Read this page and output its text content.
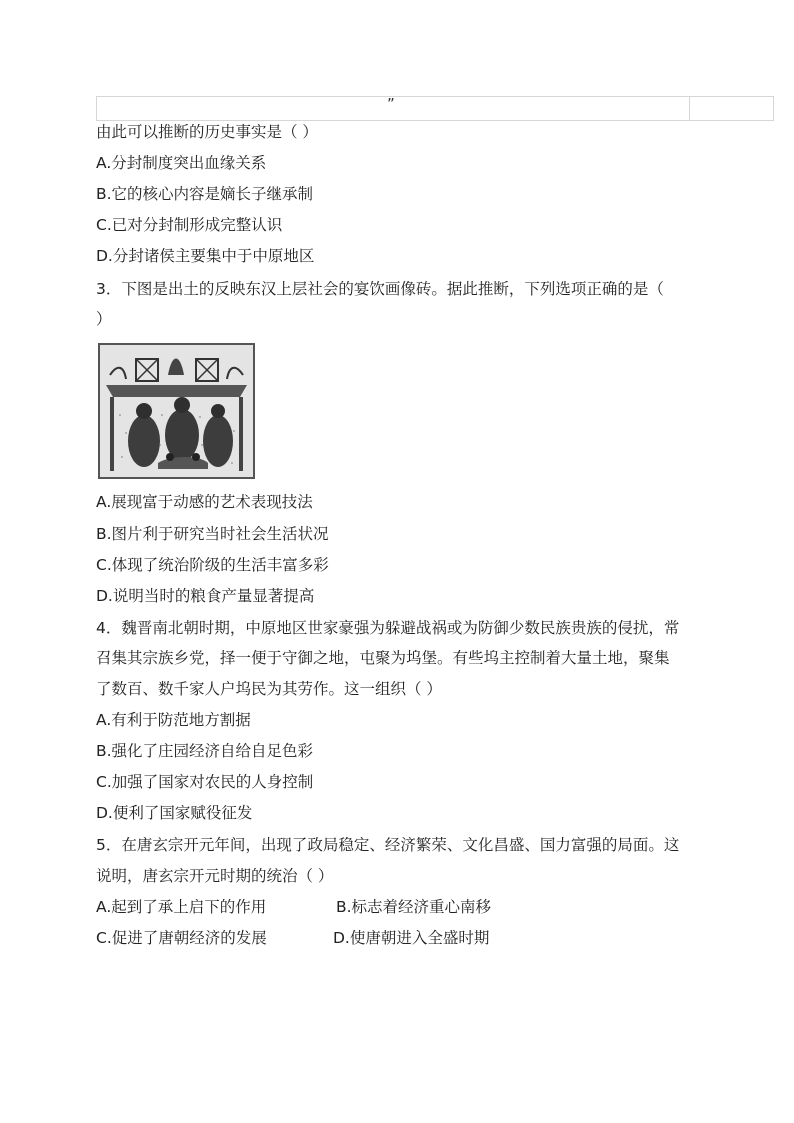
”
由此可以推断的历史事实是（ ）
A.分封制度突出血缘关系
B.它的核心内容是嫡长子继承制
C.已对分封制形成完整认识
D.分封诸侯主要集中于中原地区
3．下图是出土的反映东汉上层社会的宴饮画像砖。据此推断，下列选项正确的是（
）
A.展现富于动感的艺术表现技法
B.图片利于研究当时社会生活状况
C.体现了统治阶级的生活丰富多彩
D.说明当时的粮食产量显著提高
4．魏晋南北朝时期，中原地区世家豪强为躲避战祸或为防御少数民族贵族的侵扰，常
召集其宗族乡党，择一便于守御之地，屯聚为坞堡。有些坞主控制着大量土地，聚集
了数百、数千家人户坞民为其劳作。这一组织（ ）
A.有利于防范地方割据
B.强化了庄园经济自给自足色彩
C.加强了国家对农民的人身控制
D.便利了国家赋役征发
5．在唐玄宗开元年间，出现了政局稳定、经济繁荣、文化昌盛、国力富强的局面。这
说明，唐玄宗开元时期的统治（ ）
A.起到了承上启下的作用	B.标志着经济重心南移
C.促进了唐朝经济的发展	D.使唐朝进入全盛时期
